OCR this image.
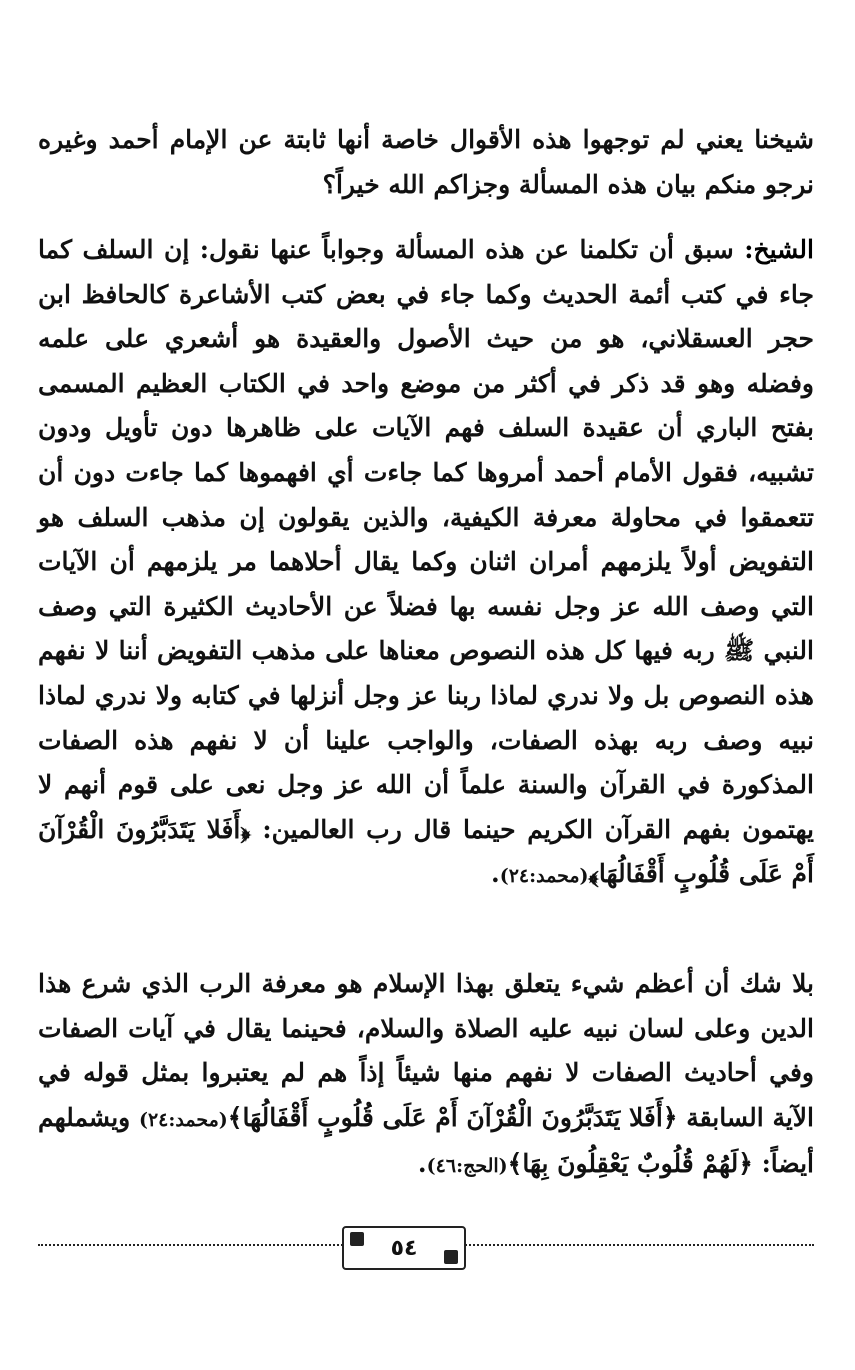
شيخنا يعني لم توجهوا هذه الأقوال خاصة أنها ثابتة عن الإمام أحمد وغيره نرجو منكم بيان هذه المسألة وجزاكم الله خيراً؟

الشيخ: سبق أن تكلمنا عن هذه المسألة وجواباً عنها نقول: إن السلف كما جاء في كتب أئمة الحديث وكما جاء في بعض كتب الأشاعرة كالحافظ ابن حجر العسقلاني، هو من حيث الأصول والعقيدة هو أشعري على علمه وفضله وهو قد ذكر في أكثر من موضع واحد في الكتاب العظيم المسمى بفتح الباري أن عقيدة السلف فهم الآيات على ظاهرها دون تأويل ودون تشبيه، فقول الأمام أحمد أمروها كما جاءت أي افهموها كما جاءت دون أن تتعمقوا في محاولة معرفة الكيفية، والذين يقولون إن مذهب السلف هو التفويض أولاً يلزمهم أمران اثنان وكما يقال أحلاهما مر يلزمهم أن الآيات التي وصف الله عز وجل نفسه بها فضلاً عن الأحاديث الكثيرة التي وصف النبي ﷺ ربه فيها كل هذه النصوص معناها على مذهب التفويض أننا لا نفهم هذه النصوص بل ولا ندري لماذا ربنا عز وجل أنزلها في كتابه ولا ندري لماذا نبيه وصف ربه بهذه الصفات، والواجب علينا أن لا نفهم هذه الصفات المذكورة في القرآن والسنة علماً أن الله عز وجل نعى على قوم أنهم لا يهتمون بفهم القرآن الكريم حينما قال رب العالمين: ﴿أَفَلا يَتَدَبَّرُونَ الْقُرْآنَ أَمْ عَلَى قُلُوبٍ أَقْفَالُهَا﴾(محمد:٢٤).

بلا شك أن أعظم شيء يتعلق بهذا الإسلام هو معرفة الرب الذي شرع هذا الدين وعلى لسان نبيه عليه الصلاة والسلام، فحينما يقال في آيات الصفات وفي أحاديث الصفات لا نفهم منها شيئاً إذاً هم لم يعتبروا بمثل قوله في الآية السابقة ﴿أَفَلا يَتَدَبَّرُونَ الْقُرْآنَ أَمْ عَلَى قُلُوبٍ أَقْفَالُهَا﴾(محمد:٢٤) ويشملهم أيضاً: ﴿لَهُمْ قُلُوبٌ يَعْقِلُونَ بِهَا﴾(الحج:٤٦).

٥٤
